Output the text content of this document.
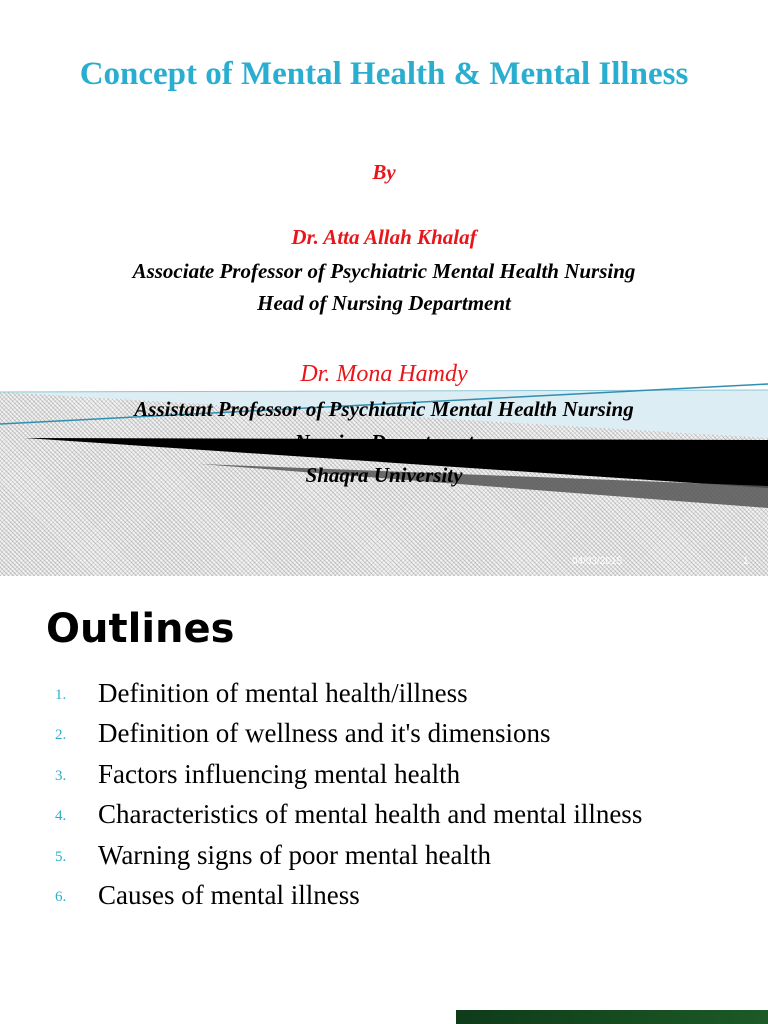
Concept of Mental Health & Mental Illness
By
Dr. Atta Allah Khalaf
Associate Professor of Psychiatric Mental Health Nursing
Head of Nursing Department
Dr. Mona Hamdy
Assistant Professor of Psychiatric Mental Health Nursing
Nursing Department
Shaqra University
04/03/2015	1
Outlines
1. Definition of mental health/illness
2. Definition of wellness and it's dimensions
3. Factors influencing mental health
4. Characteristics of mental health and mental illness
5. Warning signs of poor mental health
6. Causes of mental illness
